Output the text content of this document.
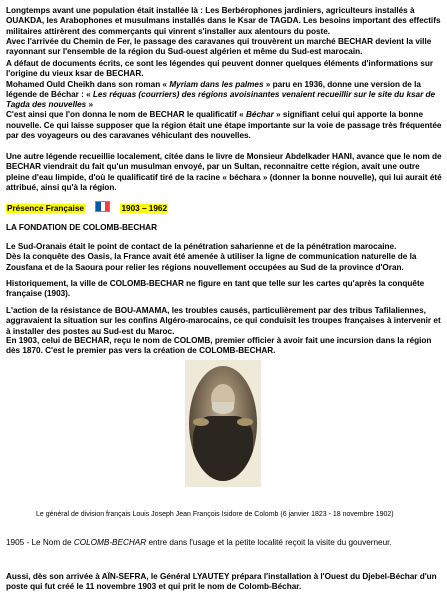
Longtemps avant une population était installée là : Les Berbérophones jardiniers, agriculteurs installés à OUAKDA, les Arabophones et musulmans installés dans le Ksar de TAGDA. Les besoins important des effectifs militaires attirèrent des commerçants qui vinrent s'installer aux alentours du poste.

Avec l'arrivée du Chemin de Fer, le passage des caravanes qui trouvèrent un marché BECHAR devient la ville rayonnant sur l'ensemble de la région du Sud-ouest algérien et même du Sud-est marocain.

A défaut de documents écrits, ce sont les légendes qui peuvent donner quelques éléments d'informations sur l'origine du vieux ksar de BECHAR.

Mohamed Ould Cheikh dans son roman « Myriam dans les palmes » paru en 1936, donne une version de la légende de Béchar : « Les réquas (courriers) des régions avoisinantes venaient recueillir sur le site du ksar de Tagda des nouvelles »

C'est ainsi que l'on donna le nom de BECHAR le qualificatif « Béchar » signifiant celui qui apporte la bonne nouvelle. Ce qui laisse supposer que la région était une étape importante sur la voie de passage très fréquentée par des voyageurs ou des caravanes véhiculant des nouvelles.

Une autre légende recueillie localement, citée dans le livre de Monsieur Abdelkader HANI, avance que le nom de BECHAR viendrait du fait qu'un musulman envoyé, par un Sultan, reconnaitre cette région, avait une outre pleine d'eau limpide, d'où le qualificatif tiré de la racine « béchara » (donner la bonne nouvelle), qui lui aurait été attribué, ainsi qu'à la région.

Présence Française	1903 – 1962

LA FONDATION DE COLOMB-BECHAR

Le Sud-Oranais était le point de contact de la pénétration saharienne et de la pénétration marocaine.

Dès la conquête des Oasis, la France avait été amenée à utiliser la ligne de communication naturelle de la Zousfana et de la Saoura pour relier les régions nouvellement occupées au Sud de la province d'Oran.

Historiquement, la ville de COLOMB-BECHAR ne figure en tant que telle sur les cartes qu'après la conquête française (1903).

L'action de la résistance de BOU-AMAMA, les troubles causés, particulièrement par des tribus Tafilaliennes, aggravaient la situation sur les confins Algéro-marocains, ce qui conduisit les troupes françaises à intervenir et à installer des postes au Sud-est du Maroc.

En 1903, celui de BECHAR, reçu le nom de COLOMB, premier officier à avoir fait une incursion dans la région dès 1870. C'est le premier pas vers la création de COLOMB-BECHAR.

Le général de division français Louis Joseph Jean François Isidore de Colomb (6 janvier 1823 - 18 novembre 1902)

1905 - Le Nom de COLOMB-BECHAR entre dans l'usage et la petite localité reçoit la visite du gouverneur.

Aussi, dès son arrivée à AÏN-SEFRA, le Général LYAUTEY prépara l'installation à l'Ouest du Djebel-Béchar d'un poste qui fut créé le 11 novembre 1903 et qui prit le nom de Colomb-Béchar.
